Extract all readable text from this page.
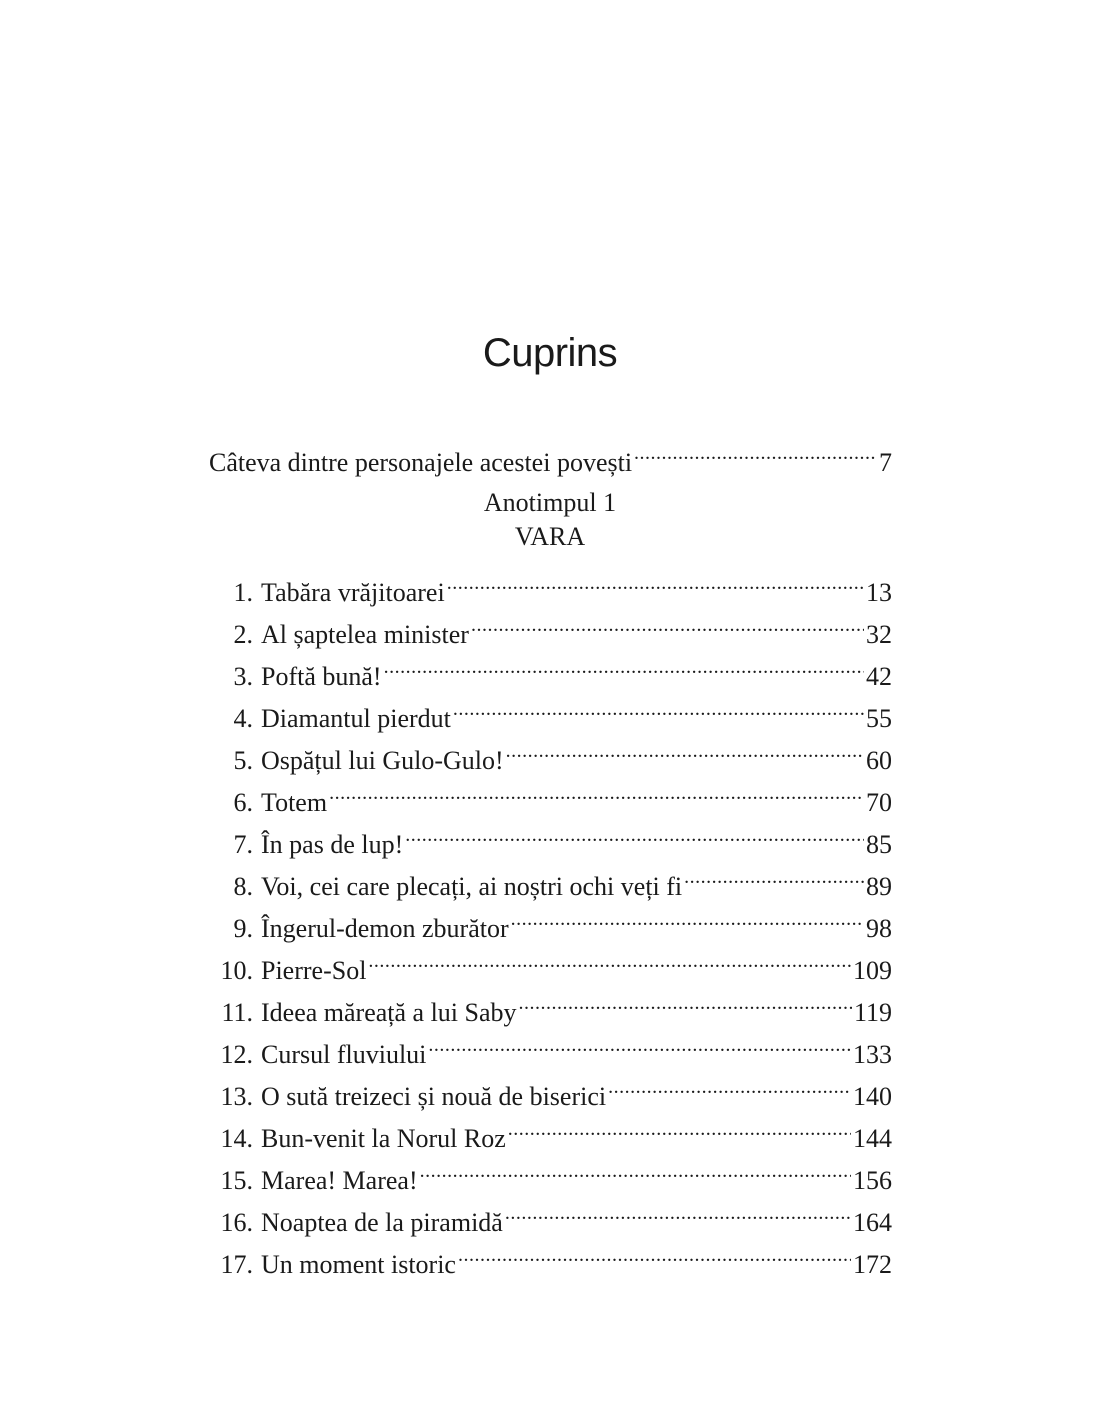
Cuprins
Câteva dintre personajele acestei povești .....	7
Anotimpul 1
VARA
1. Tabăra vrăjitoarei .....	13
2. Al șaptelea minister .....	32
3. Poftă bună! .....	42
4. Diamantul pierdut .....	55
5. Ospățul lui Gulo-Gulo! .....	60
6. Totem .....	70
7. În pas de lup! .....	85
8. Voi, cei care plecați, ai noștri ochi veți fi .....	89
9. Îngerul-demon zburător .....	98
10. Pierre-Sol .....	109
11. Ideea măreață a lui Saby .....	119
12. Cursul fluviului .....	133
13. O sută treizeci și nouă de biserici .....	140
14. Bun-venit la Norul Roz .....	144
15. Marea! Marea! .....	156
16. Noaptea de la piramidă .....	164
17. Un moment istoric .....	172
